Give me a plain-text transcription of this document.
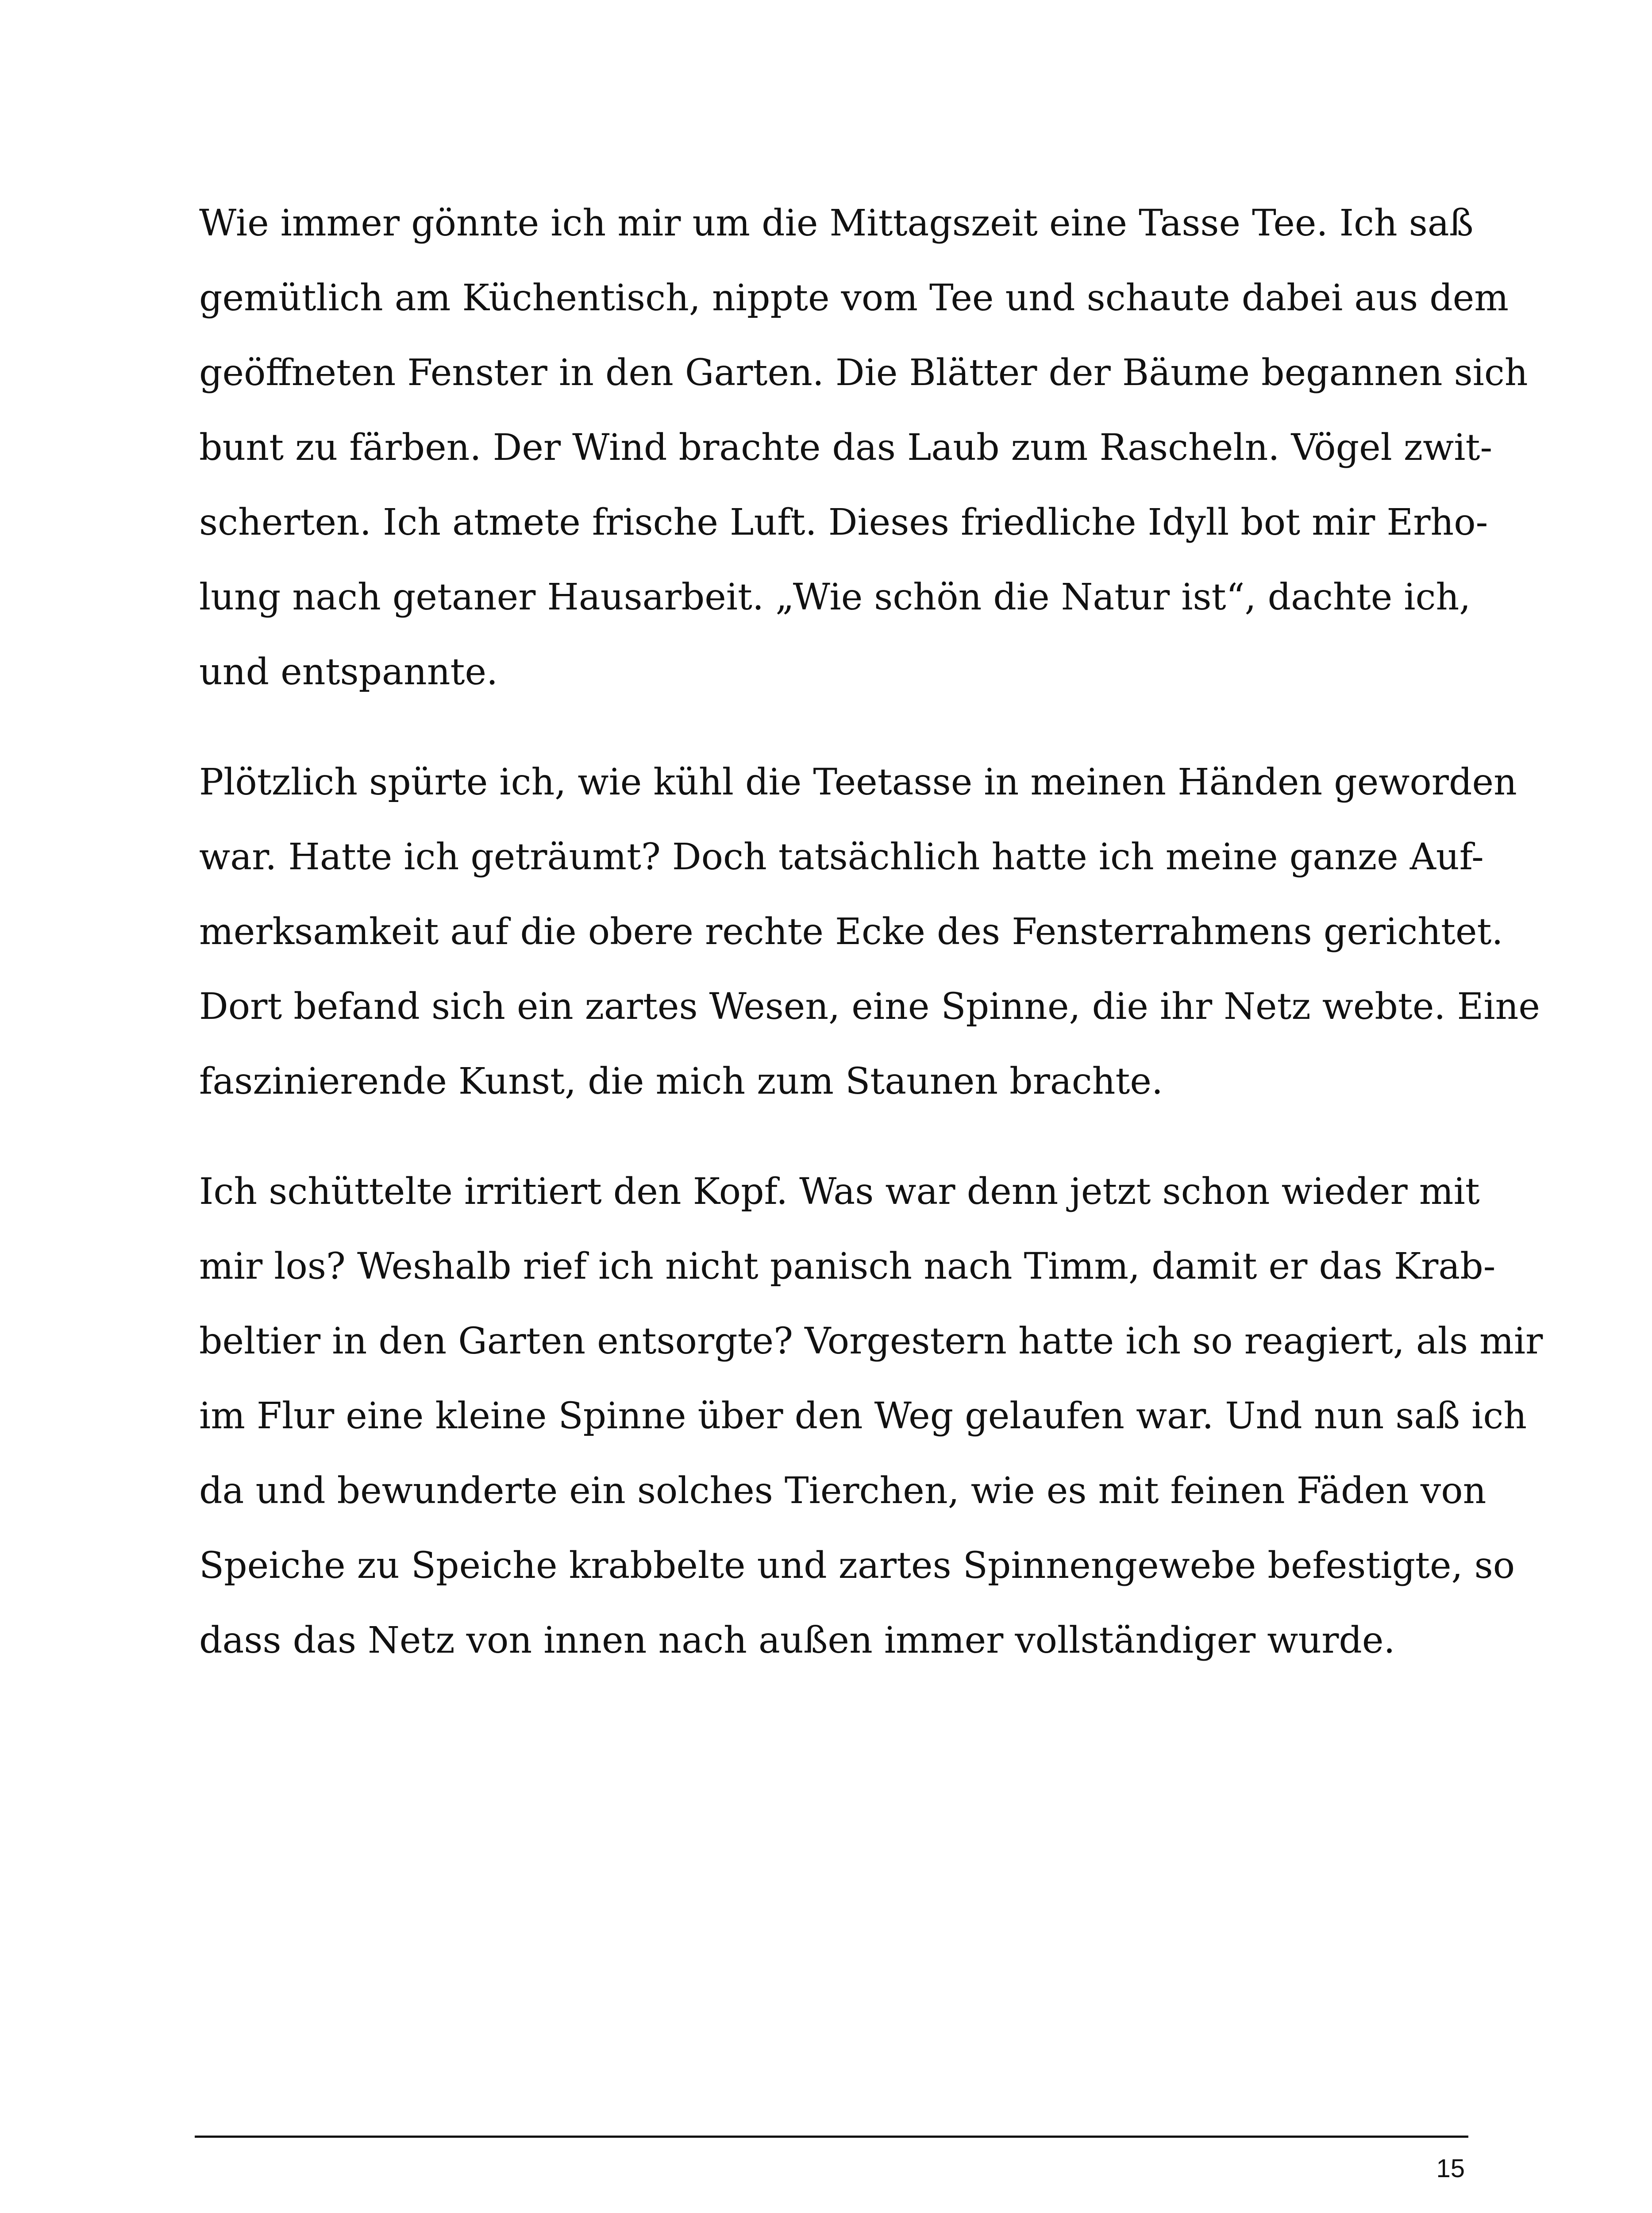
Wie immer gönnte ich mir um die Mittagszeit eine Tasse Tee. Ich saß
gemütlich am Küchentisch, nippte vom Tee und schaute dabei aus dem
geöffneten Fenster in den Garten. Die Blätter der Bäume begannen sich
bunt zu färben. Der Wind brachte das Laub zum Rascheln. Vögel zwit-
scherten. Ich atmete frische Luft. Dieses friedliche Idyll bot mir Erho-
lung nach getaner Hausarbeit. „Wie schön die Natur ist“, dachte ich,
und entspannte.

Plötzlich spürte ich, wie kühl die Teetasse in meinen Händen geworden
war. Hatte ich geträumt? Doch tatsächlich hatte ich meine ganze Auf-
merksamkeit auf die obere rechte Ecke des Fensterrahmens gerichtet.
Dort befand sich ein zartes Wesen, eine Spinne, die ihr Netz webte. Eine
faszinierende Kunst, die mich zum Staunen brachte.

Ich schüttelte irritiert den Kopf. Was war denn jetzt schon wieder mit
mir los? Weshalb rief ich nicht panisch nach Timm, damit er das Krab-
beltier in den Garten entsorgte? Vorgestern hatte ich so reagiert, als mir
im Flur eine kleine Spinne über den Weg gelaufen war. Und nun saß ich
da und bewunderte ein solches Tierchen, wie es mit feinen Fäden von
Speiche zu Speiche krabbelte und zartes Spinnengewebe befestigte, so
dass das Netz von innen nach außen immer vollständiger wurde.

15
